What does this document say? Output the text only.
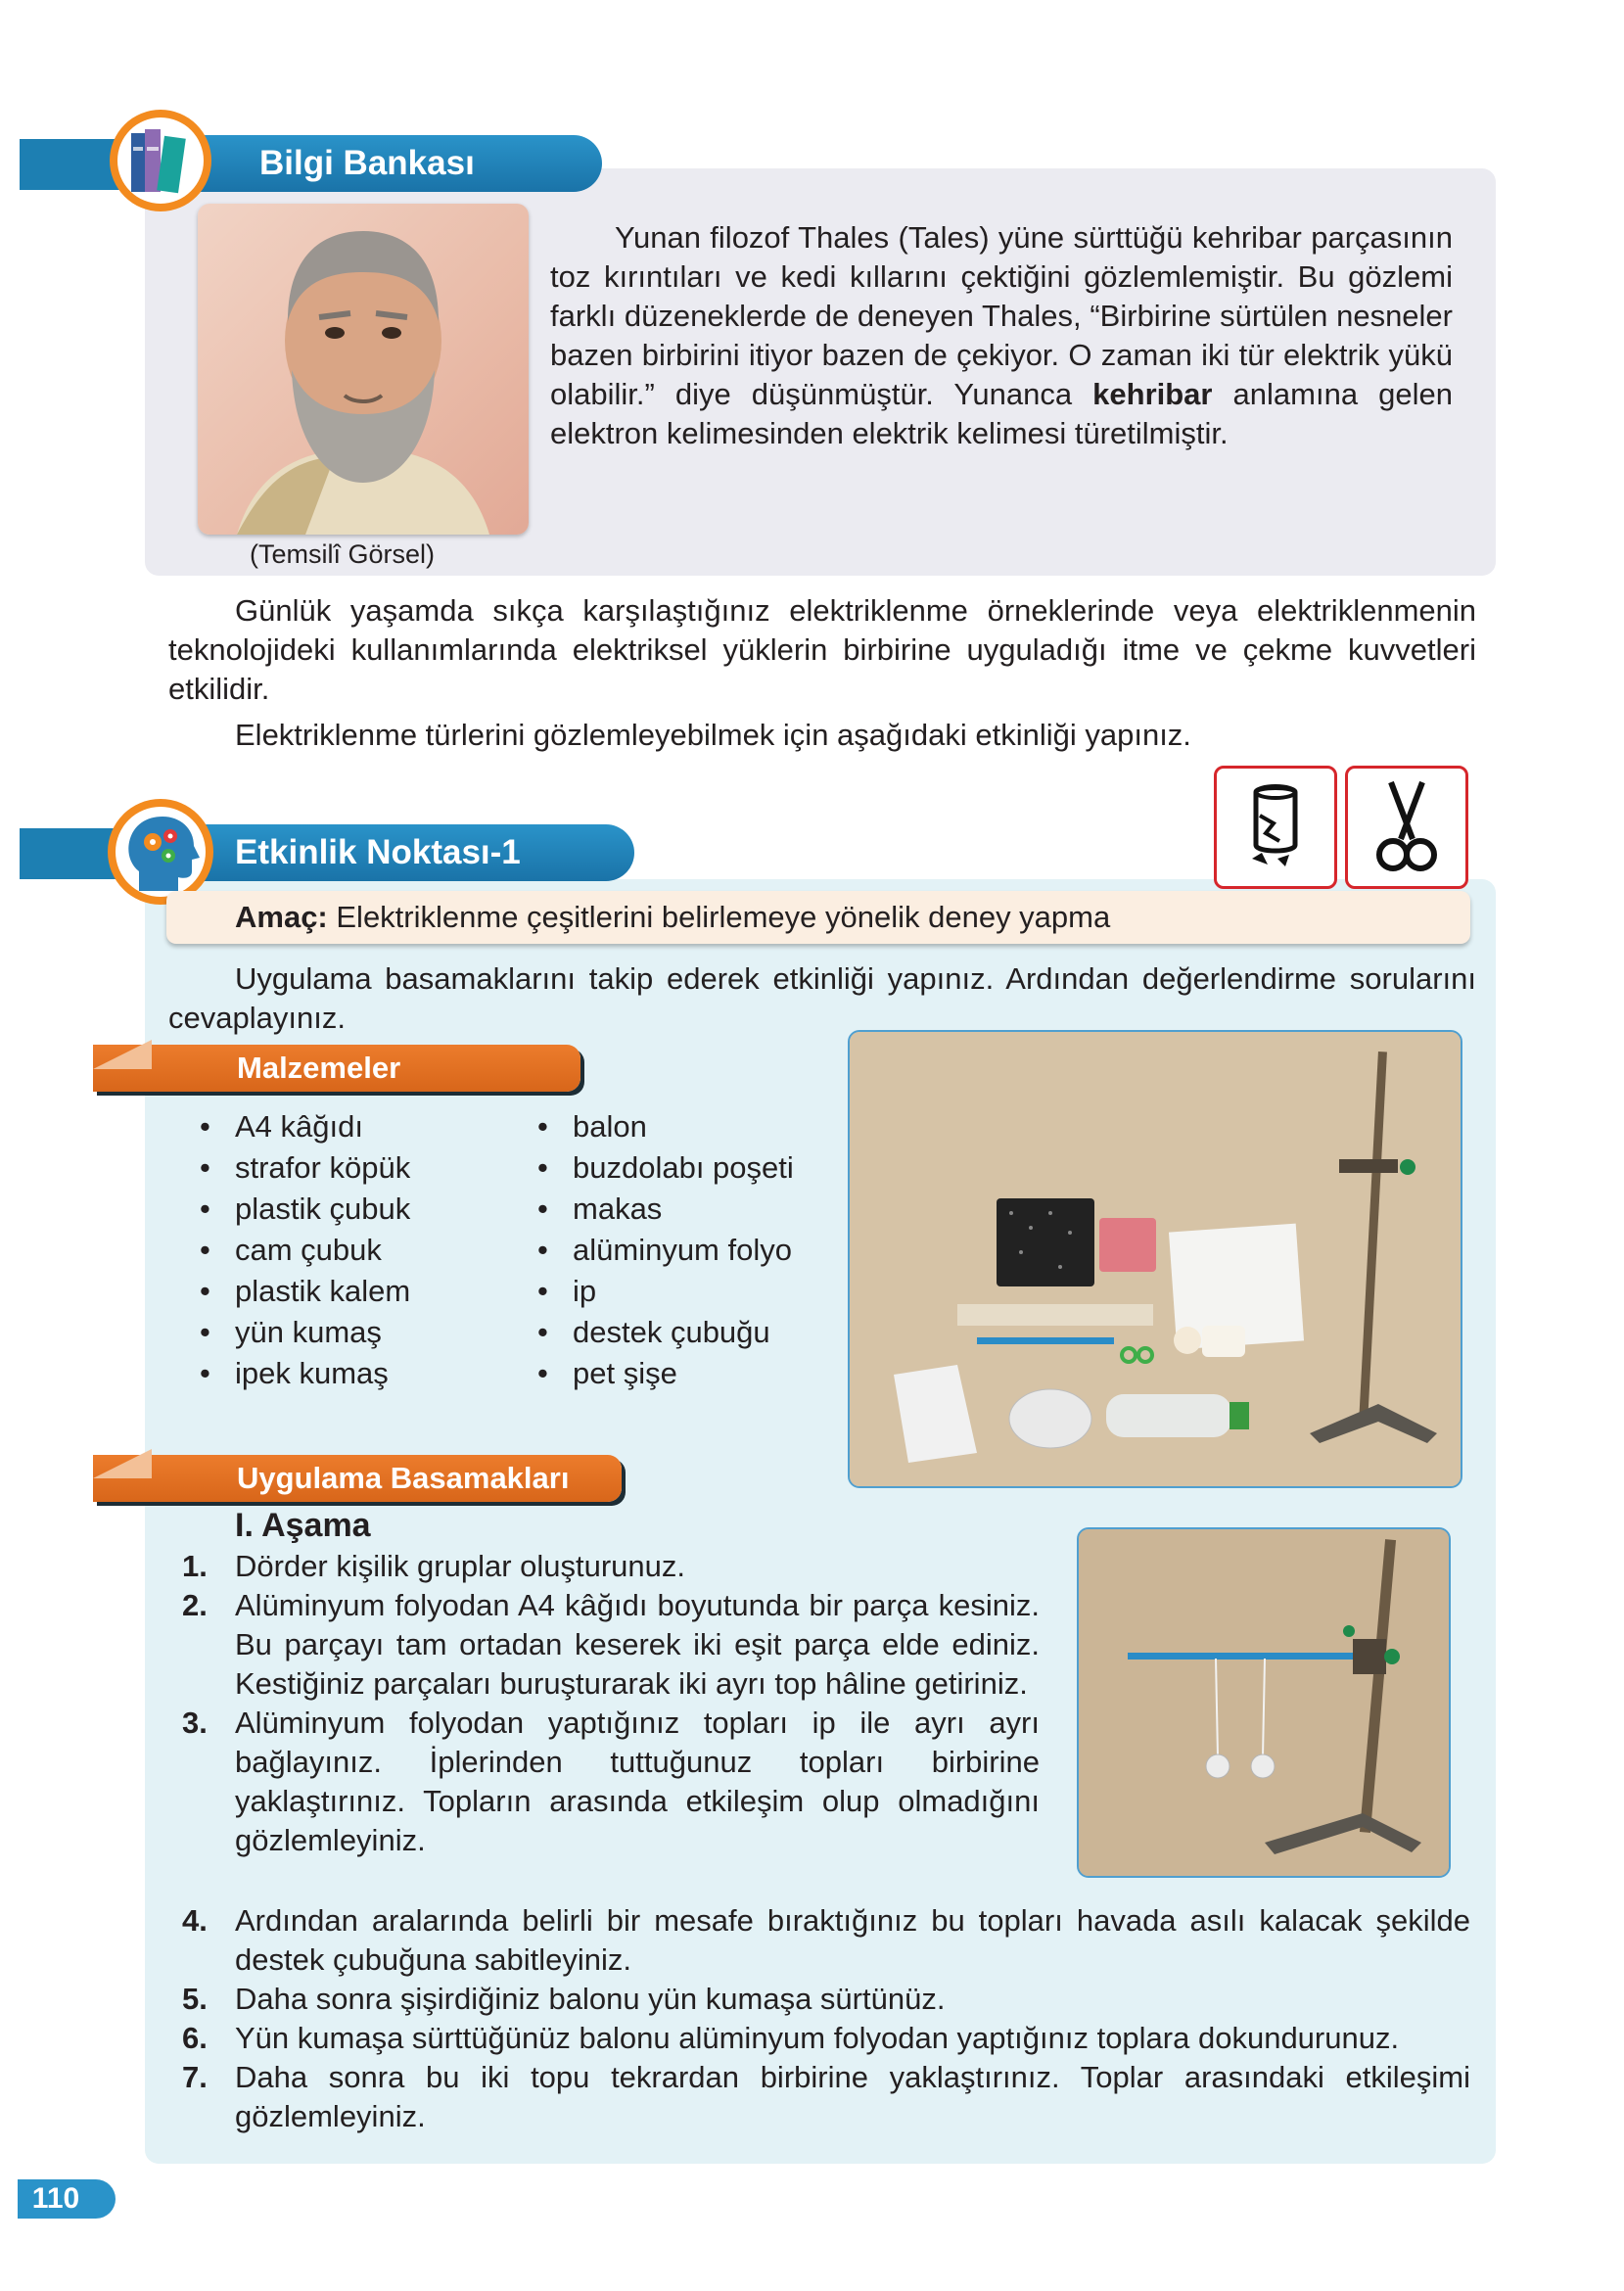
Bilgi Bankası
(Temsilî Görsel)
Yunan filozof Thales (Tales) yüne sürttüğü kehribar parçasının toz kırıntıları ve kedi kıllarını çektiğini gözlemlemiştir. Bu gözlemi farklı düzeneklerde de deneyen Thales, “Birbirine sürtülen nesneler bazen birbirini itiyor bazen de çekiyor. O zaman iki tür elektrik yükü olabilir.” diye düşünmüştür. Yunanca kehribar anlamına gelen elektron kelimesinden elektrik kelimesi türetilmiştir.
Günlük yaşamda sıkça karşılaştığınız elektriklenme örneklerinde veya elektriklenmenin teknolojideki kullanımlarında elektriksel yüklerin birbirine uyguladığı itme ve çekme kuvvetleri etkilidir.
Elektriklenme türlerini gözlemleyebilmek için aşağıdaki etkinliği yapınız.
Etkinlik Noktası-1
Amaç: Elektriklenme çeşitlerini belirlemeye yönelik deney yapma
Uygulama basamaklarını takip ederek etkinliği yapınız. Ardından değerlendirme sorularını cevaplayınız.
Malzemeler
• A4 kâğıdı
• strafor köpük
• plastik çubuk
• cam çubuk
• plastik kalem
• yün kumaş
• ipek kumaş
• balon
• buzdolabı poşeti
• makas
• alüminyum folyo
• ip
• destek çubuğu
• pet şişe
Uygulama Basamakları
I. Aşama
1. Dörder kişilik gruplar oluşturunuz.
2. Alüminyum folyodan A4 kâğıdı boyutunda bir parça kesiniz. Bu parçayı tam ortadan keserek iki eşit parça elde ediniz. Kestiğiniz parçaları buruşturarak iki ayrı top hâline getiriniz.
3. Alüminyum folyodan yaptığınız topları ip ile ayrı ayrı bağlayınız. İplerinden tuttuğunuz topları birbirine yaklaştırınız. Topların arasında etkileşim olup olmadığını gözlemleyiniz.
4. Ardından aralarında belirli bir mesafe bıraktığınız bu topları havada asılı kalacak şekilde destek çubuğuna sabitleyiniz.
5. Daha sonra şişirdiğiniz balonu yün kumaşa sürtünüz.
6. Yün kumaşa sürttüğünüz balonu alüminyum folyodan yaptığınız toplara dokundurunuz.
7. Daha sonra bu iki topu tekrardan birbirine yaklaştırınız. Toplar arasındaki etkileşimi gözlemleyiniz.
110
